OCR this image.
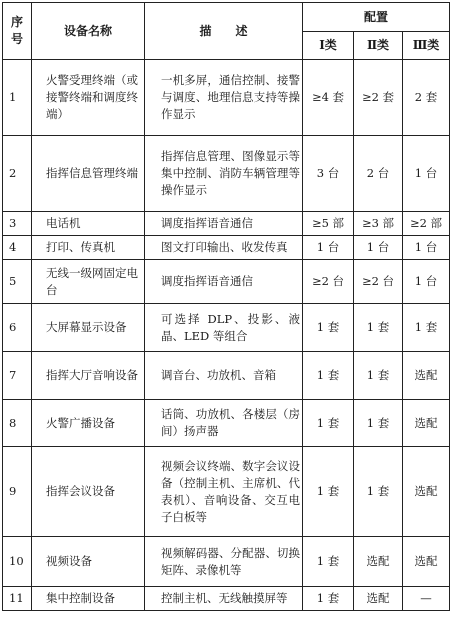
序号	设备名称	描　　述	配置		
			Ⅰ类	Ⅱ类	Ⅲ类
1	火警受理终端（或接警终端和调度终端）	一机多屏，通信控制、接警与调度、地理信息支持等操作显示	≥4 套	≥2 套	2 套
2	指挥信息管理终端	指挥信息管理、图像显示等集中控制、消防车辆管理等操作显示	3 台	2 台	1 台
3	电话机	调度指挥语音通信	≥5 部	≥3 部	≥2 部
4	打印、传真机	图文打印输出、收发传真	1 台	1 台	1 台
5	无线一级网固定电台	调度指挥语音通信	≥2 台	≥2 台	1 台
6	大屏幕显示设备	可选择 DLP、投影、液晶、LED 等组合	1 套	1 套	1 套
7	指挥大厅音响设备	调音台、功放机、音箱	1 套	1 套	选配
8	火警广播设备	话筒、功放机、各楼层（房间）扬声器	1 套	1 套	选配
9	指挥会议设备	视频会议终端、数字会议设备（控制主机、主席机、代表机）、音响设备、交互电子白板等	1 套	1 套	选配
10	视频设备	视频解码器、分配器、切换矩阵、录像机等	1 套	选配	选配
11	集中控制设备	控制主机、无线触摸屏等	1 套	选配	—
